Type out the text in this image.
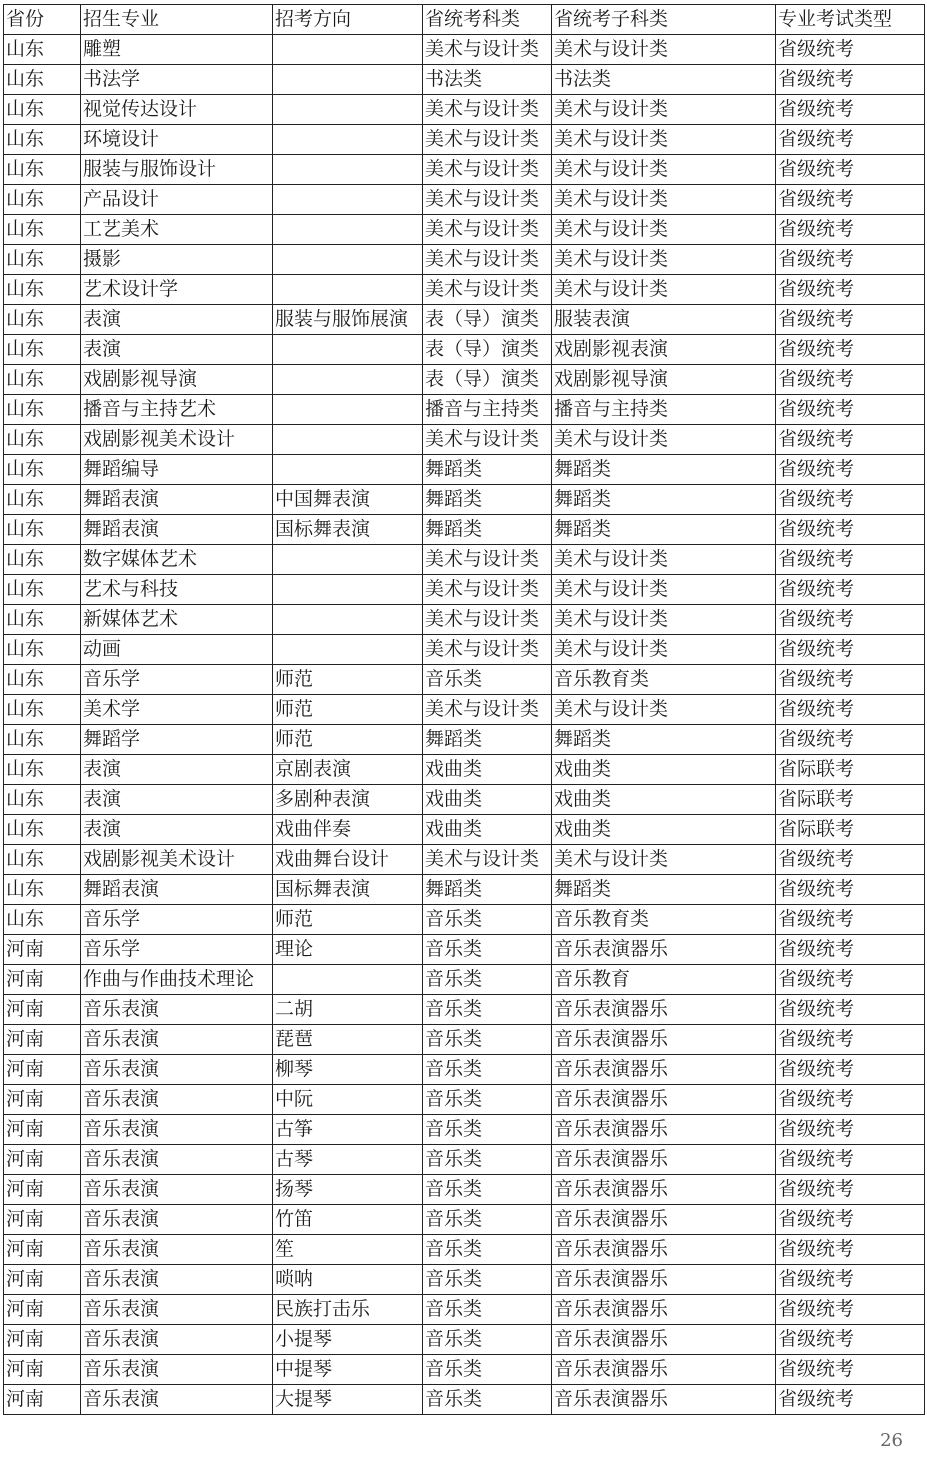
省份	招生专业	招考方向	省统考科类	省统考子科类	专业考试类型
山东	雕塑		美术与设计类	美术与设计类	省级统考
山东	书法学		书法类	书法类	省级统考
山东	视觉传达设计		美术与设计类	美术与设计类	省级统考
山东	环境设计		美术与设计类	美术与设计类	省级统考
山东	服装与服饰设计		美术与设计类	美术与设计类	省级统考
山东	产品设计		美术与设计类	美术与设计类	省级统考
山东	工艺美术		美术与设计类	美术与设计类	省级统考
山东	摄影		美术与设计类	美术与设计类	省级统考
山东	艺术设计学		美术与设计类	美术与设计类	省级统考
山东	表演	服装与服饰展演	表（导）演类	服装表演	省级统考
山东	表演		表（导）演类	戏剧影视表演	省级统考
山东	戏剧影视导演		表（导）演类	戏剧影视导演	省级统考
山东	播音与主持艺术		播音与主持类	播音与主持类	省级统考
山东	戏剧影视美术设计		美术与设计类	美术与设计类	省级统考
山东	舞蹈编导		舞蹈类	舞蹈类	省级统考
山东	舞蹈表演	中国舞表演	舞蹈类	舞蹈类	省级统考
山东	舞蹈表演	国标舞表演	舞蹈类	舞蹈类	省级统考
山东	数字媒体艺术		美术与设计类	美术与设计类	省级统考
山东	艺术与科技		美术与设计类	美术与设计类	省级统考
山东	新媒体艺术		美术与设计类	美术与设计类	省级统考
山东	动画		美术与设计类	美术与设计类	省级统考
山东	音乐学	师范	音乐类	音乐教育类	省级统考
山东	美术学	师范	美术与设计类	美术与设计类	省级统考
山东	舞蹈学	师范	舞蹈类	舞蹈类	省级统考
山东	表演	京剧表演	戏曲类	戏曲类	省际联考
山东	表演	多剧种表演	戏曲类	戏曲类	省际联考
山东	表演	戏曲伴奏	戏曲类	戏曲类	省际联考
山东	戏剧影视美术设计	戏曲舞台设计	美术与设计类	美术与设计类	省级统考
山东	舞蹈表演	国标舞表演	舞蹈类	舞蹈类	省级统考
山东	音乐学	师范	音乐类	音乐教育类	省级统考
河南	音乐学	理论	音乐类	音乐表演器乐	省级统考
河南	作曲与作曲技术理论		音乐类	音乐教育	省级统考
河南	音乐表演	二胡	音乐类	音乐表演器乐	省级统考
河南	音乐表演	琵琶	音乐类	音乐表演器乐	省级统考
河南	音乐表演	柳琴	音乐类	音乐表演器乐	省级统考
河南	音乐表演	中阮	音乐类	音乐表演器乐	省级统考
河南	音乐表演	古筝	音乐类	音乐表演器乐	省级统考
河南	音乐表演	古琴	音乐类	音乐表演器乐	省级统考
河南	音乐表演	扬琴	音乐类	音乐表演器乐	省级统考
河南	音乐表演	竹笛	音乐类	音乐表演器乐	省级统考
河南	音乐表演	笙	音乐类	音乐表演器乐	省级统考
河南	音乐表演	唢呐	音乐类	音乐表演器乐	省级统考
河南	音乐表演	民族打击乐	音乐类	音乐表演器乐	省级统考
河南	音乐表演	小提琴	音乐类	音乐表演器乐	省级统考
河南	音乐表演	中提琴	音乐类	音乐表演器乐	省级统考
河南	音乐表演	大提琴	音乐类	音乐表演器乐	省级统考
26
